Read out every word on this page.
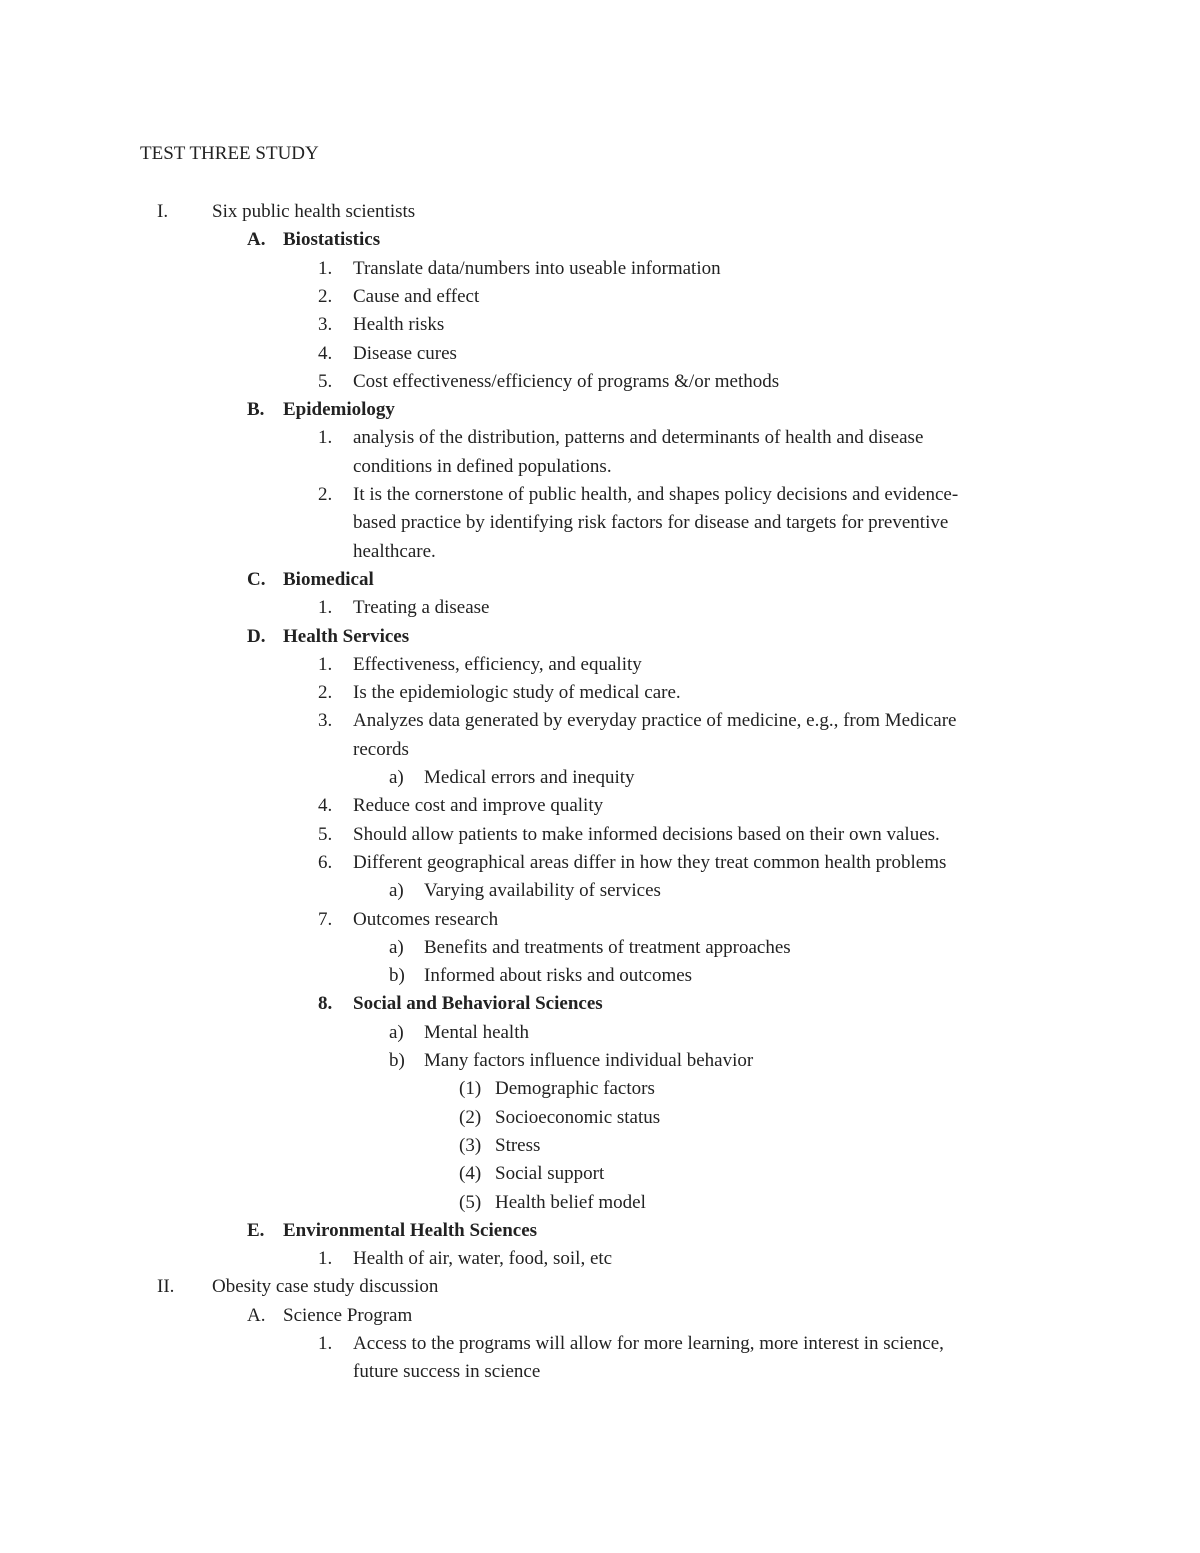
TEST THREE STUDY
I. Six public health scientists
A. Biostatistics
1. Translate data/numbers into useable information
2. Cause and effect
3. Health risks
4. Disease cures
5. Cost effectiveness/efficiency of programs &/or methods
B. Epidemiology
1. analysis of the distribution, patterns and determinants of health and disease
conditions in defined populations.
2. It is the cornerstone of public health, and shapes policy decisions and evidence-
based practice by identifying risk factors for disease and targets for preventive
healthcare.
C. Biomedical
1. Treating a disease
D. Health Services
1. Effectiveness, efficiency, and equality
2. Is the epidemiologic study of medical care.
3. Analyzes data generated by everyday practice of medicine, e.g., from Medicare
records
a) Medical errors and inequity
4. Reduce cost and improve quality
5. Should allow patients to make informed decisions based on their own values.
6. Different geographical areas differ in how they treat common health problems
a) Varying availability of services
7. Outcomes research
a) Benefits and treatments of treatment approaches
b) Informed about risks and outcomes
8. Social and Behavioral Sciences
a) Mental health
b) Many factors influence individual behavior
(1) Demographic factors
(2) Socioeconomic status
(3) Stress
(4) Social support
(5) Health belief model
E. Environmental Health Sciences
1. Health of air, water, food, soil, etc
II. Obesity case study discussion
A. Science Program
1. Access to the programs will allow for more learning, more interest in science,
future success in science
